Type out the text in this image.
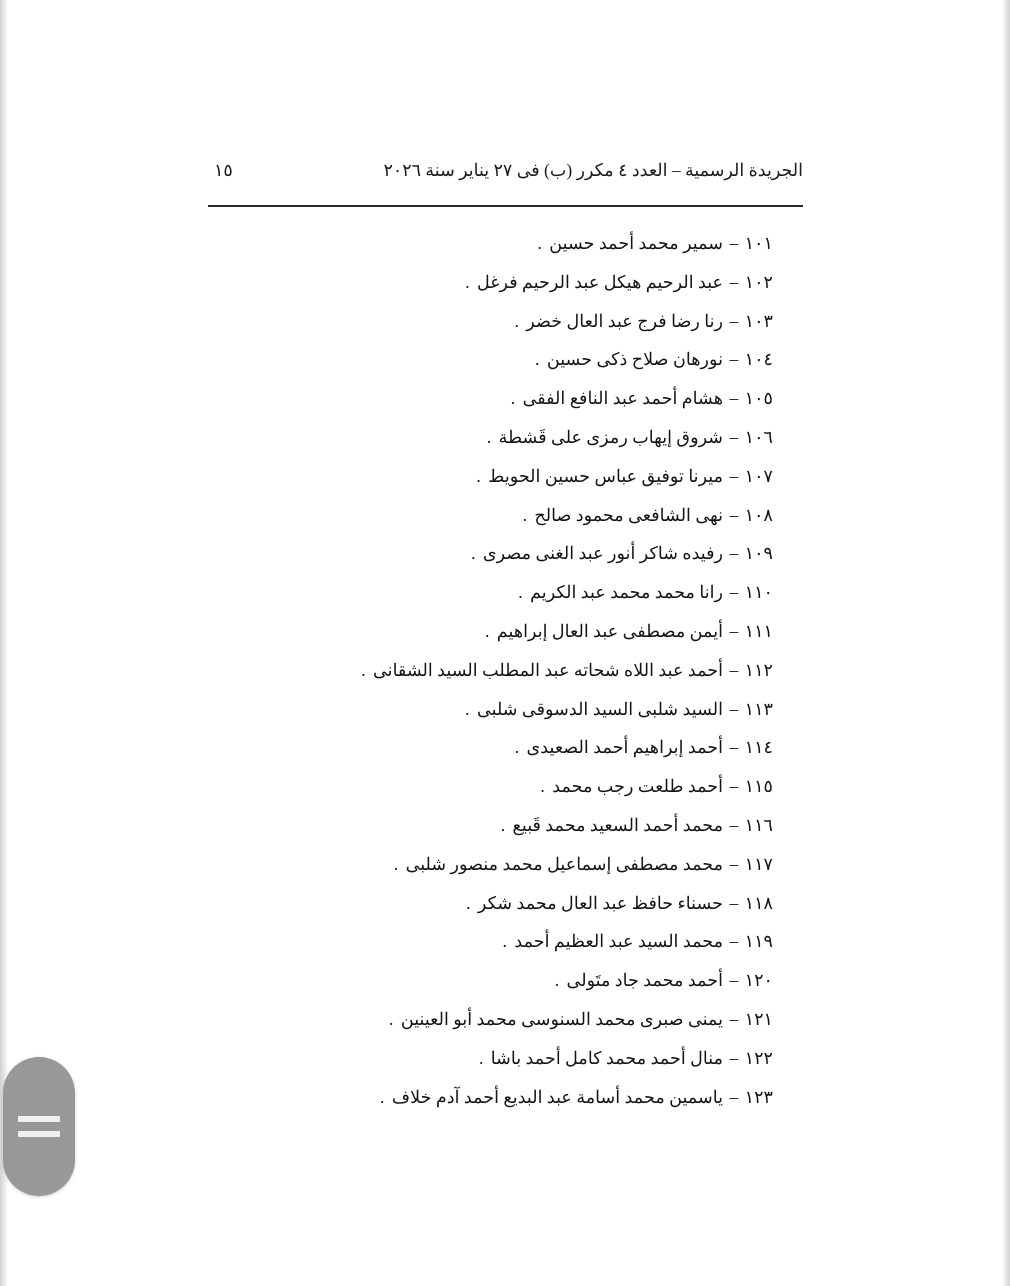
الجريدة الرسمية – العدد ٤ مكرر (ب) فى ٢٧ يناير سنة ٢٠٢٦
١٥
١٠١ – سمير محمد أحمد حسين .
١٠٢ – عبد الرحيم هيكل عبد الرحيم فرغل .
١٠٣ – رنا رضا فرج عبد العال خضر .
١٠٤ – نورهان صلاح ذكى حسين .
١٠٥ – هشام أحمد عبد النافع الفقى .
١٠٦ – شروق إيهاب رمزى على قَشطة .
١٠٧ – ميرنا توفيق عباس حسين الحويط .
١٠٨ – نهى الشافعى محمود صالح .
١٠٩ – رفيده شاكر أنور عبد الغنى مصرى .
١١٠ – رانا محمد محمد عبد الكريم .
١١١ – أيمن مصطفى عبد العال إبراهيم .
١١٢ – أحمد عبد اللاه شحاته عبد المطلب السيد الشقانى .
١١٣ – السيد شلبى السيد الدسوقى شلبى .
١١٤ – أحمد إبراهيم أحمد الصعيدى .
١١٥ – أحمد طلعت رجب محمد .
١١٦ – محمد أحمد السعيد محمد قَبيع .
١١٧ – محمد مصطفى إسماعيل محمد منصور شلبى .
١١٨ – حسناء حافظ عبد العال محمد شكر .
١١٩ – محمد السيد عبد العظيم أحمد .
١٢٠ – أحمد محمد جاد متَولى .
١٢١ – يمنى صبرى محمد السنوسى محمد أبو العينين .
١٢٢ – منال أحمد محمد كامل أحمد باشا .
١٢٣ – ياسمين محمد أسامة عبد البديع أحمد آدم خلاف .
